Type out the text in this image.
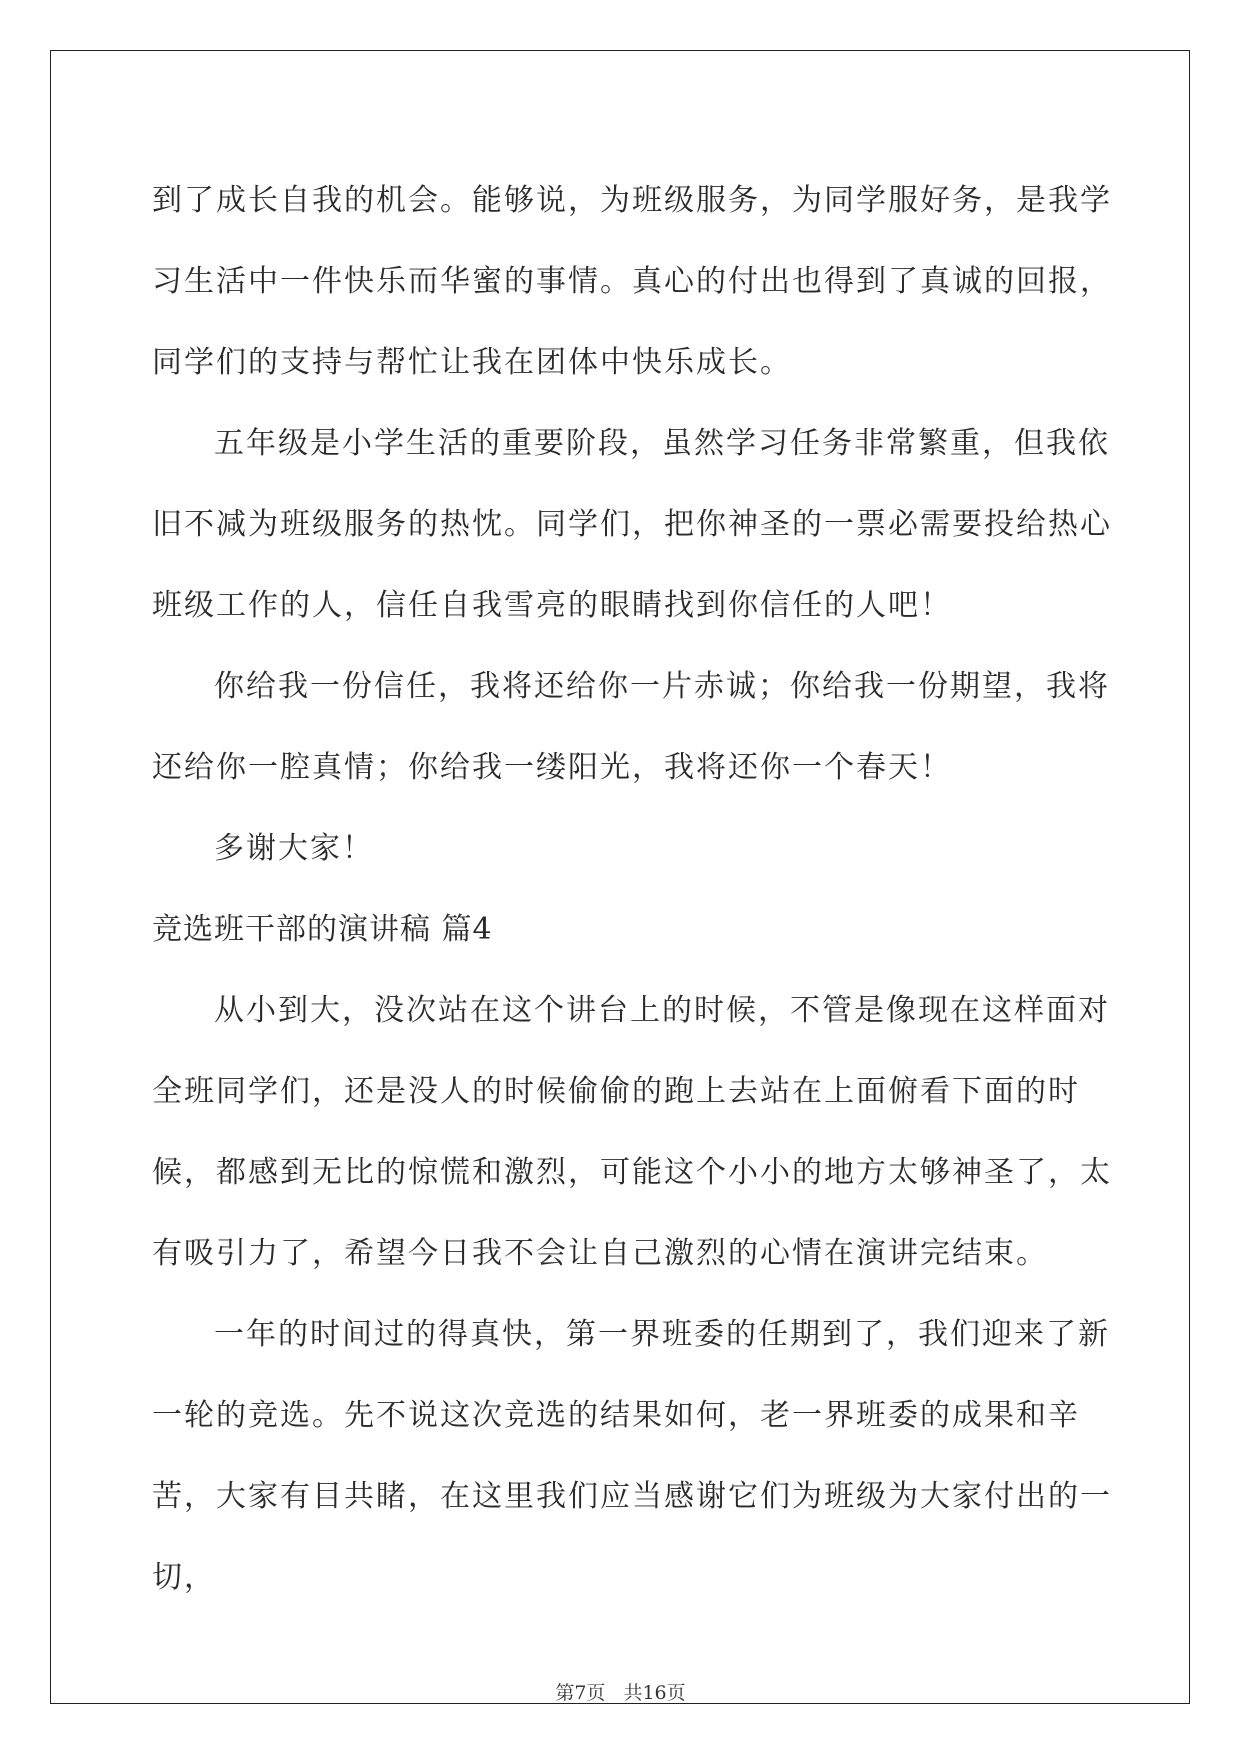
到了成长自我的机会。能够说，为班级服务，为同学服好务，是我学习生活中一件快乐而华蜜的事情。真心的付出也得到了真诚的回报，同学们的支持与帮忙让我在团体中快乐成长。

五年级是小学生活的重要阶段，虽然学习任务非常繁重，但我依旧不减为班级服务的热忱。同学们，把你神圣的一票必需要投给热心班级工作的人，信任自我雪亮的眼睛找到你信任的人吧！

你给我一份信任，我将还给你一片赤诚；你给我一份期望，我将还给你一腔真情；你给我一缕阳光，我将还你一个春天！

多谢大家！

竞选班干部的演讲稿 篇4

从小到大，没次站在这个讲台上的时候，不管是像现在这样面对全班同学们，还是没人的时候偷偷的跑上去站在上面俯看下面的时候，都感到无比的惊慌和激烈，可能这个小小的地方太够神圣了，太有吸引力了，希望今日我不会让自己激烈的心情在演讲完结束。

一年的时间过的得真快，第一界班委的任期到了，我们迎来了新一轮的竞选。先不说这次竞选的结果如何，老一界班委的成果和辛苦，大家有目共睹，在这里我们应当感谢它们为班级为大家付出的一切，

第7页 共16页
